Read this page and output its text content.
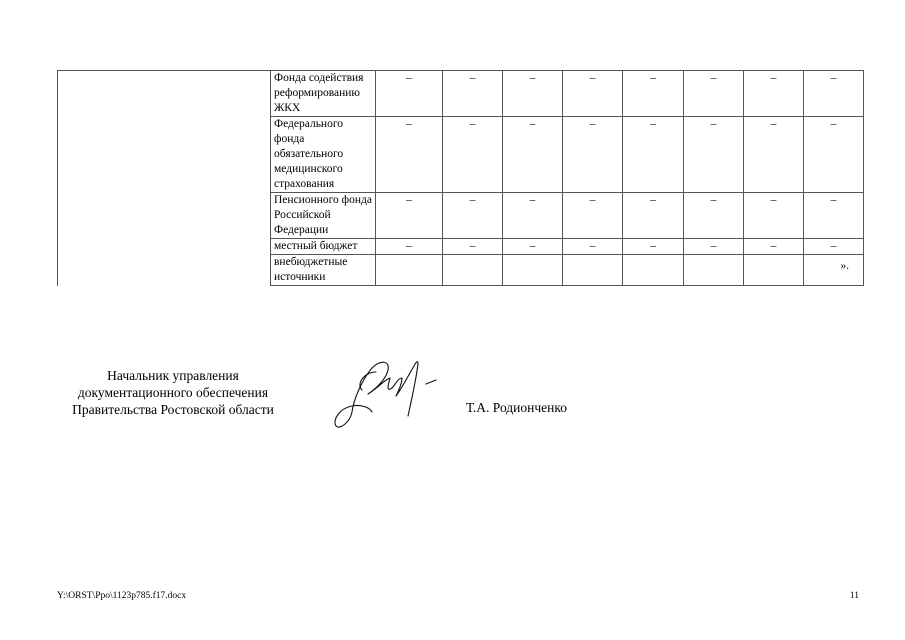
	Фонда содействия реформированию ЖКХ	–	–	–	–	–	–	–	–
	Федерального фонда обязательного медицинского страхования	–	–	–	–	–	–	–	–
	Пенсионного фонда Российской Федерации	–	–	–	–	–	–	–	–
	местный бюджет	–	–	–	–	–	–	–	–
	внебюджетные источники								».
Начальник управления
документационного обеспечения
Правительства Ростовской области	Т.А. Родионченко
Y:\ORST\Ppo\1123p785.f17.docx	11
